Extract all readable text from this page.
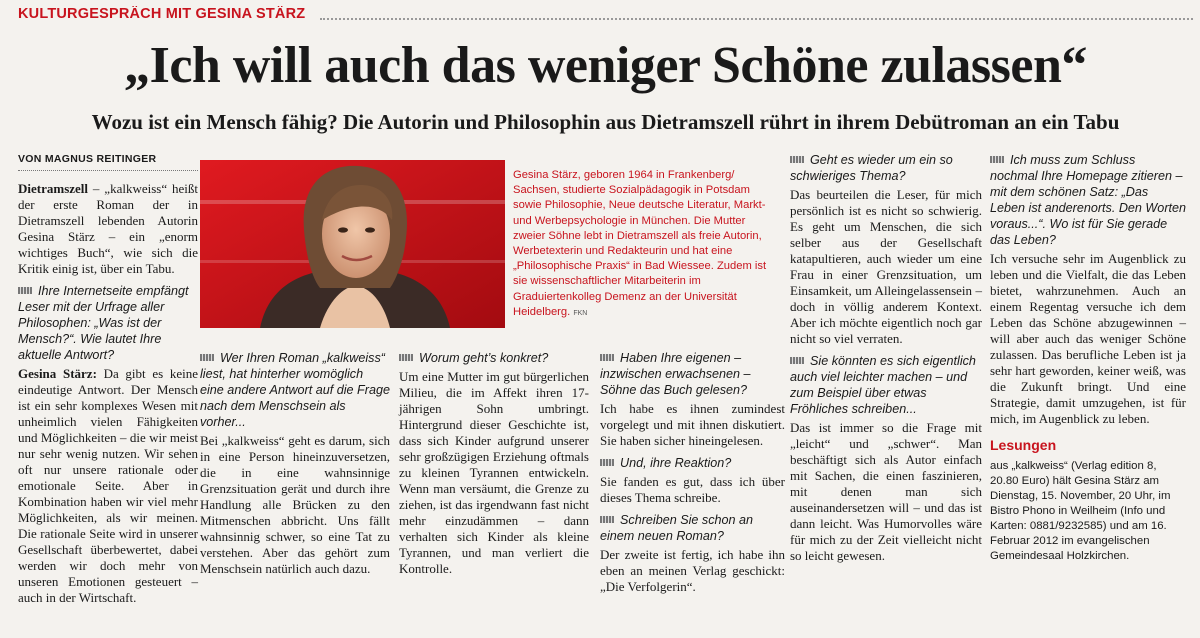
KULTURGESPRÄCH MIT GESINA STÄRZ
„Ich will auch das weniger Schöne zulassen“
Wozu ist ein Mensch fähig? Die Autorin und Philosophin aus Dietramszell rührt in ihrem Debütroman an ein Tabu
VON MAGNUS REITINGER

Dietramszell – „kalkweiss“ heißt der erste Roman der in Dietramszell lebenden Autorin Gesina Stärz – ein „enorm wichtiges Buch“, wie sich die Kritik einig ist, über ein Tabu.

Ihre Internetseite empfängt Leser mit der Urfrage aller Philosophen: „Was ist der Mensch?“. Wie lautet Ihre aktuelle Antwort?

Gesina Stärz: Da gibt es keine eindeutige Antwort. Der Mensch ist ein sehr komplexes Wesen mit unheimlich vielen Fähigkeiten und Möglichkeiten – die wir meist nur sehr wenig nutzen. Wir sehen oft nur unsere rationale oder emotionale Seite. Aber in Kombination haben wir viel mehr Möglichkeiten, als wir meinen. Die rationale Seite wird in unserer Gesellschaft überbewertet, dabei werden wir doch mehr von unseren Emotionen gesteuert – auch in der Wirtschaft.

Gesina Stärz, geboren 1964 in Frankenberg/ Sachsen, studierte Sozialpädagogik in Potsdam sowie Philosophie, Neue deutsche Literatur, Markt- und Werbepsychologie in München. Die Mutter zweier Söhne lebt in Dietramszell als freie Autorin, Werbetexterin und Redakteurin und hat eine „Philosophische Praxis“ in Bad Wiessee. Zudem ist sie wissenschaftlicher Mitarbeiterin im Graduiertenkolleg Demenz an der Universität Heidelberg. FKN
Wer Ihren Roman „kalkweiss“ liest, hat hinterher womöglich eine andere Antwort auf die Frage nach dem Menschsein als vorher...

Bei „kalkweiss“ geht es darum, sich in eine Person hineinzuversetzen, die in eine wahnsinnige Grenzsituation gerät und durch ihre Handlung alle Brücken zu den Mitmenschen abbricht. Uns fällt wahnsinnig schwer, so eine Tat zu verstehen. Aber das gehört zum Menschsein natürlich auch dazu.

Worum geht’s konkret?

Um eine Mutter im gut bürgerlichen Milieu, die im Affekt ihren 17-jährigen Sohn umbringt. Hintergrund dieser Geschichte ist, dass sich Kinder aufgrund unserer sehr großzügigen Erziehung oftmals zu kleinen Tyrannen entwickeln. Wenn man versäumt, die Grenze zu ziehen, ist das irgendwann fast nicht mehr einzudämmen – dann verhalten sich Kinder als kleine Tyrannen, und man verliert die Kontrolle.

Haben Ihre eigenen – inzwischen erwachsenen – Söhne das Buch gelesen?

Ich habe es ihnen zumindest vorgelegt und mit ihnen diskutiert. Sie haben sicher hineingelesen.

Und, ihre Reaktion?

Sie fanden es gut, dass ich über dieses Thema schreibe.

Schreiben Sie schon an einem neuen Roman?

Der zweite ist fertig, ich habe ihn eben an meinen Verlag geschickt: „Die Verfolgerin“.

Geht es wieder um ein so schwieriges Thema?

Das beurteilen die Leser, für mich persönlich ist es nicht so schwierig. Es geht um Menschen, die sich selber aus der Gesellschaft katapultieren, auch wieder um eine Frau in einer Grenzsituation, um Einsamkeit, um Alleingelassensein – doch in völlig anderem Kontext. Aber ich möchte eigentlich noch gar nicht so viel verraten.

Sie könnten es sich eigentlich auch viel leichter machen – und zum Beispiel über etwas Fröhliches schreiben...

Das ist immer so die Frage mit „leicht“ und „schwer“. Man beschäftigt sich als Autor einfach mit Sachen, die einen faszinieren, mit denen man sich auseinandersetzen will – und das ist dann leicht. Was Humorvolles wäre für mich zu der Zeit vielleicht nicht so leicht gewesen.

Ich muss zum Schluss nochmal Ihre Homepage zitieren – mit dem schönen Satz: „Das Leben ist anderenorts. Den Worten voraus...“. Wo ist für Sie gerade das Leben?

Ich versuche sehr im Augenblick zu leben und die Vielfalt, die das Leben bietet, wahrzunehmen. Auch an einem Regentag versuche ich dem Leben das Schöne abzugewinnen – will aber auch das weniger Schöne zulassen. Das berufliche Leben ist ja sehr hart geworden, keiner weiß, was die Zukunft bringt. Und eine Strategie, damit umzugehen, ist für mich, im Augenblick zu leben.

Lesungen
aus „kalkweiss“ (Verlag edition 8, 20.80 Euro) hält Gesina Stärz am Dienstag, 15. November, 20 Uhr, im Bistro Phono in Weilheim (Info und Karten: 0881/9232585) und am 16. Februar 2012 im evangelischen Gemeindesaal Holzkirchen.
